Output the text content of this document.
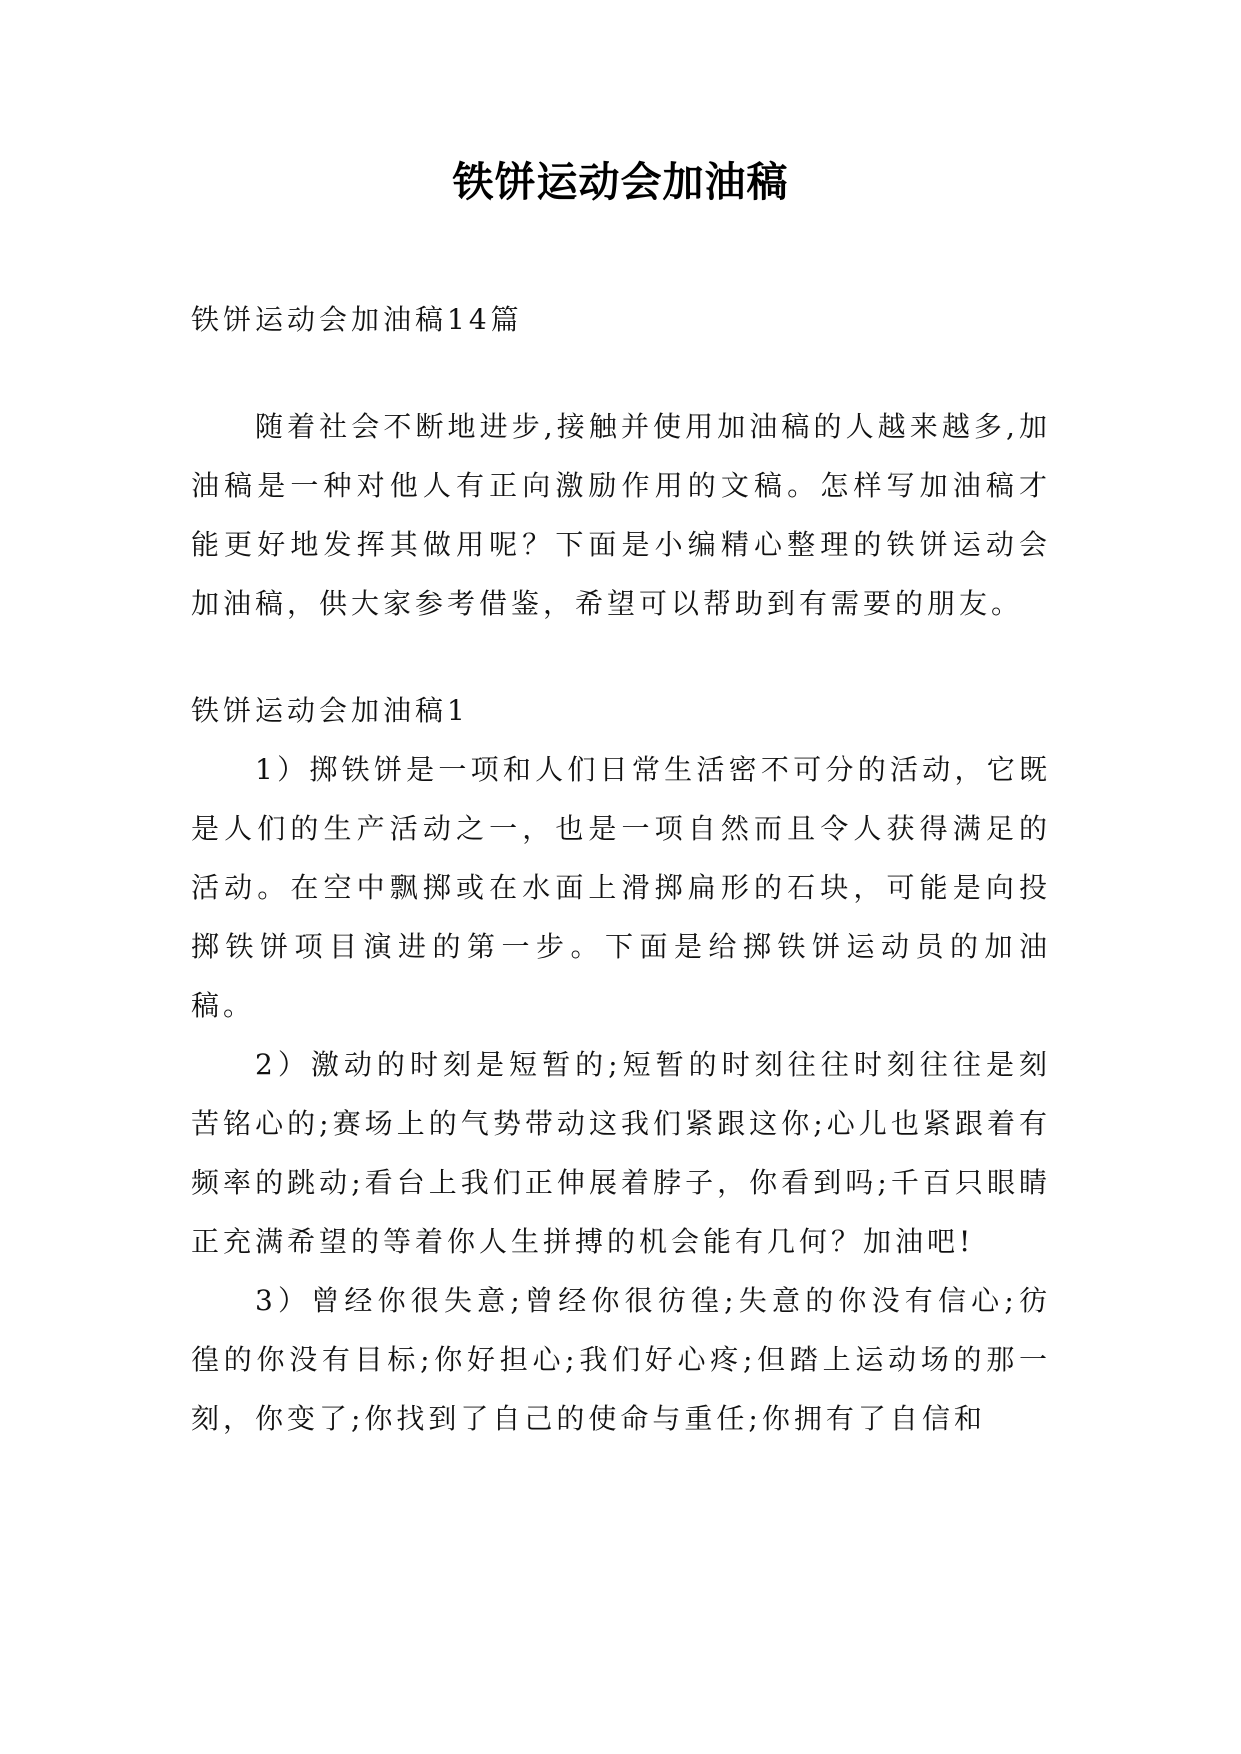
铁饼运动会加油稿

铁饼运动会加油稿14篇

随着社会不断地进步,接触并使用加油稿的人越来越多,加油稿是一种对他人有正向激励作用的文稿。怎样写加油稿才能更好地发挥其做用呢？下面是小编精心整理的铁饼运动会加油稿，供大家参考借鉴，希望可以帮助到有需要的朋友。

铁饼运动会加油稿1

1）掷铁饼是一项和人们日常生活密不可分的活动，它既是人们的生产活动之一，也是一项自然而且令人获得满足的活动。在空中飘掷或在水面上滑掷扁形的石块，可能是向投掷铁饼项目演进的第一步。下面是给掷铁饼运动员的加油稿。

2）激动的时刻是短暂的;短暂的时刻往往时刻往往是刻苦铭心的;赛场上的气势带动这我们紧跟这你;心儿也紧跟着有频率的跳动;看台上我们正伸展着脖子，你看到吗;千百只眼睛正充满希望的等着你人生拼搏的机会能有几何？加油吧!

3）曾经你很失意;曾经你很彷徨;失意的你没有信心;彷徨的你没有目标;你好担心;我们好心疼;但踏上运动场的那一刻，你变了;你找到了自己的使命与重任;你拥有了自信和
